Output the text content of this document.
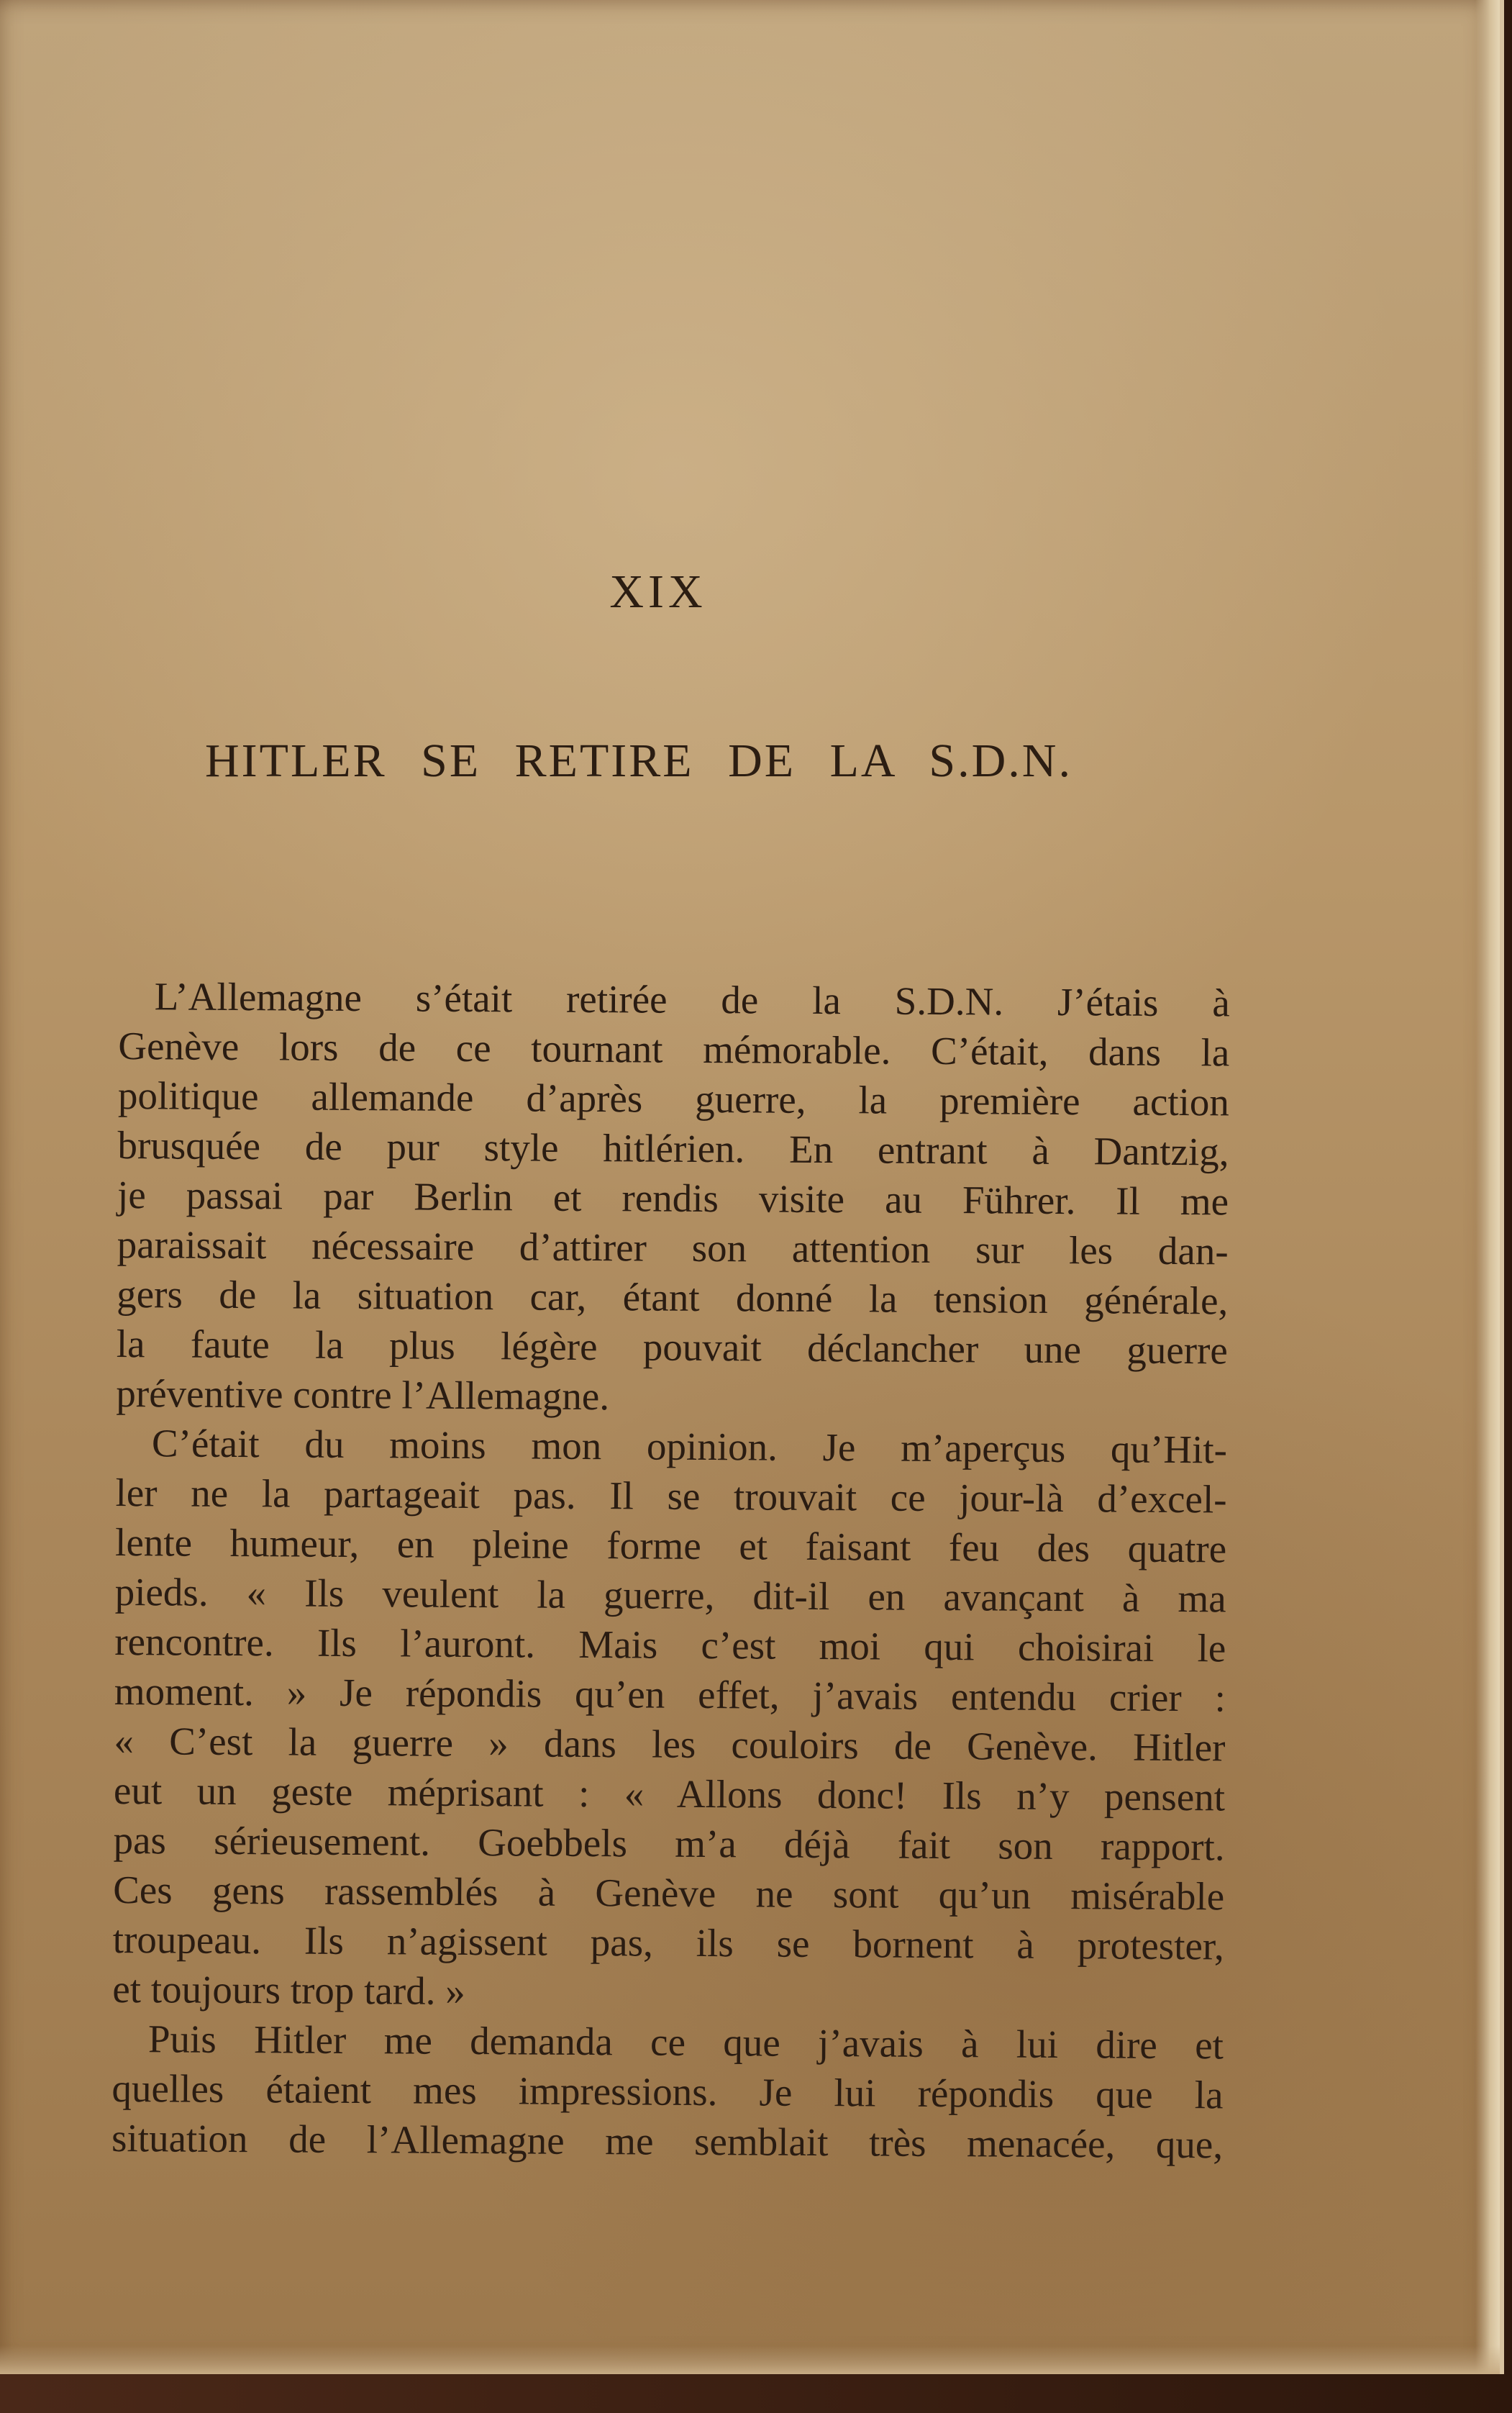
XIX
HITLER SE RETIRE DE LA S.D.N.
L’Allemagne s’était retirée de la S.D.N. J’étais à
Genève lors de ce tournant mémorable. C’était, dans la
politique allemande d’après guerre, la première action
brusquée de pur style hitlérien. En entrant à Dantzig,
je passai par Berlin et rendis visite au Führer. Il me
paraissait nécessaire d’attirer son attention sur les dan-
gers de la situation car, étant donné la tension générale,
la faute la plus légère pouvait déclancher une guerre
préventive contre l’Allemagne.
C’était du moins mon opinion. Je m’aperçus qu’Hit-
ler ne la partageait pas. Il se trouvait ce jour-là d’excel-
lente humeur, en pleine forme et faisant feu des quatre
pieds. « Ils veulent la guerre, dit-il en avançant à ma
rencontre. Ils l’auront. Mais c’est moi qui choisirai le
moment. » Je répondis qu’en effet, j’avais entendu crier :
« C’est la guerre » dans les couloirs de Genève. Hitler
eut un geste méprisant : « Allons donc! Ils n’y pensent
pas sérieusement. Goebbels m’a déjà fait son rapport.
Ces gens rassemblés à Genève ne sont qu’un misérable
troupeau. Ils n’agissent pas, ils se bornent à protester,
et toujours trop tard. »
Puis Hitler me demanda ce que j’avais à lui dire et
quelles étaient mes impressions. Je lui répondis que la
situation de l’Allemagne me semblait très menacée, que,
